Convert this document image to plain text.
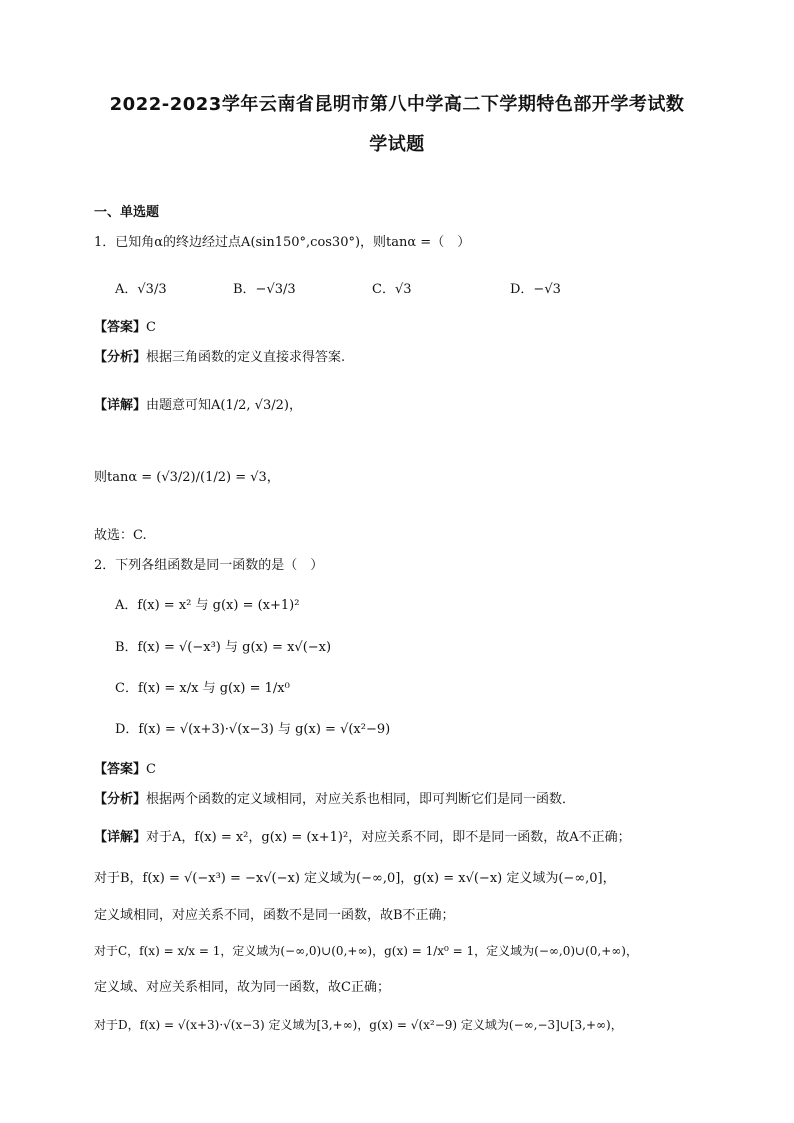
2022-2023学年云南省昆明市第八中学高二下学期特色部开学考试数
学试题
一、单选题
1．已知角α的终边经过点A(sin150°,cos30°)，则tanα =（　）
A．√3/3	B．−√3/3	C．√3	D．−√3
【答案】C
【分析】根据三角函数的定义直接求得答案.
【详解】由题意可知A(1/2, √3/2)，
则tanα = (√3/2)/(1/2) = √3，
故选：C.
2．下列各组函数是同一函数的是（　）
A．f(x) = x² 与 g(x) = (x+1)²
B．f(x) = √(−x³) 与 g(x) = x√(−x)
C．f(x) = x/x 与 g(x) = 1/x⁰
D．f(x) = √(x+3)·√(x−3) 与 g(x) = √(x²−9)
【答案】C
【分析】根据两个函数的定义域相同，对应关系也相同，即可判断它们是同一函数．
【详解】对于A，f(x) = x²，g(x) = (x+1)²，对应关系不同，即不是同一函数，故A不正确；
对于B，f(x) = √(−x³) = −x√(−x) 定义域为(−∞,0]，g(x) = x√(−x) 定义域为(−∞,0]，
定义域相同，对应关系不同，函数不是同一函数，故B不正确；
对于C，f(x) = x/x = 1，定义域为(−∞,0)∪(0,+∞)，g(x) = 1/x⁰ = 1，定义域为(−∞,0)∪(0,+∞)，
定义域、对应关系相同，故为同一函数，故C正确；
对于D，f(x) = √(x+3)·√(x−3) 定义域为[3,+∞)，g(x) = √(x²−9) 定义域为(−∞,−3]∪[3,+∞)，
